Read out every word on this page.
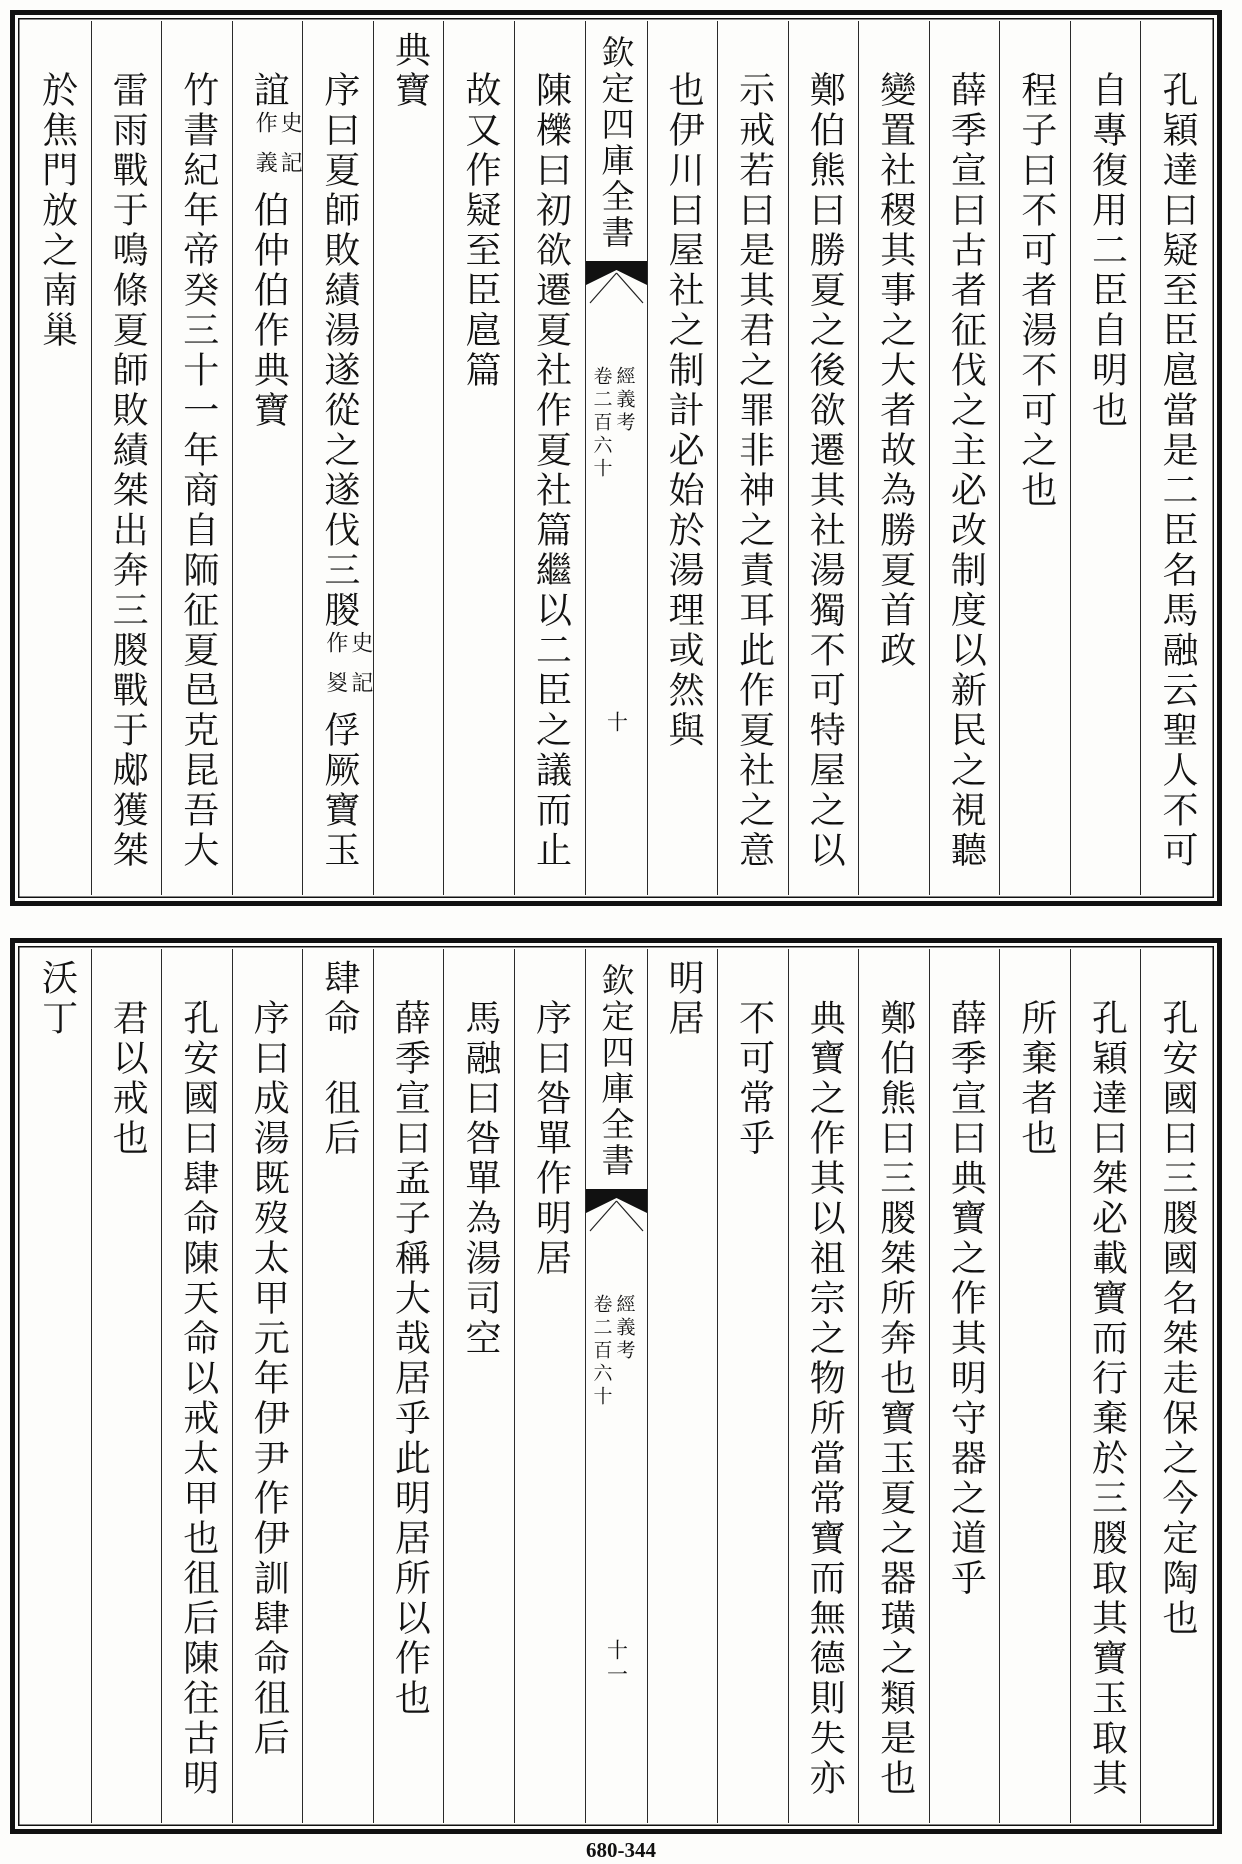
孔穎達曰疑至臣扈當是二臣名馬融云聖人不可
自專復用二臣自明也
程子曰不可者湯不可之也
薛季宣曰古者征伐之主必改制度以新民之視聽
變置社稷其事之大者故為勝夏首政
鄭伯熊曰勝夏之後欲遷其社湯獨不可特屋之以
示戒若曰是其君之罪非神之責耳此作夏社之意
也伊川曰屋社之制計必始於湯理或然與
欽定四庫全書
經義考
卷二百六十
十
陳櫟曰初欲遷夏社作夏社篇繼以二臣之議而止
故又作疑至臣扈篇
典寶
序曰夏師敗績湯遂從之遂伐三朡
史記
作㚇
俘厥寶玉
誼
史記
作義
伯仲伯作典寶
竹書紀年帝癸三十一年商自陑征夏邑克昆吾大
雷雨戰于鳴條夏師敗績桀出奔三朡戰于郕獲桀
於焦門放之南巢
孔安國曰三朡國名桀走保之今定陶也
孔穎達曰桀必載寶而行棄於三朡取其寶玉取其
所棄者也
薛季宣曰典寶之作其明守器之道乎
鄭伯熊曰三朡桀所奔也寶玉夏之器璜之類是也
典寶之作其以祖宗之物所當常寶而無德則失亦
不可常乎
明居
欽定四庫全書
經義考
卷二百六十
十一
序曰咎單作明居
馬融曰咎單為湯司空
薛季宣曰孟子稱大哉居乎此明居所以作也
肆命徂后
序曰成湯既歿太甲元年伊尹作伊訓肆命徂后
孔安國曰肆命陳天命以戒太甲也徂后陳往古明
君以戒也
沃丁
680-344
